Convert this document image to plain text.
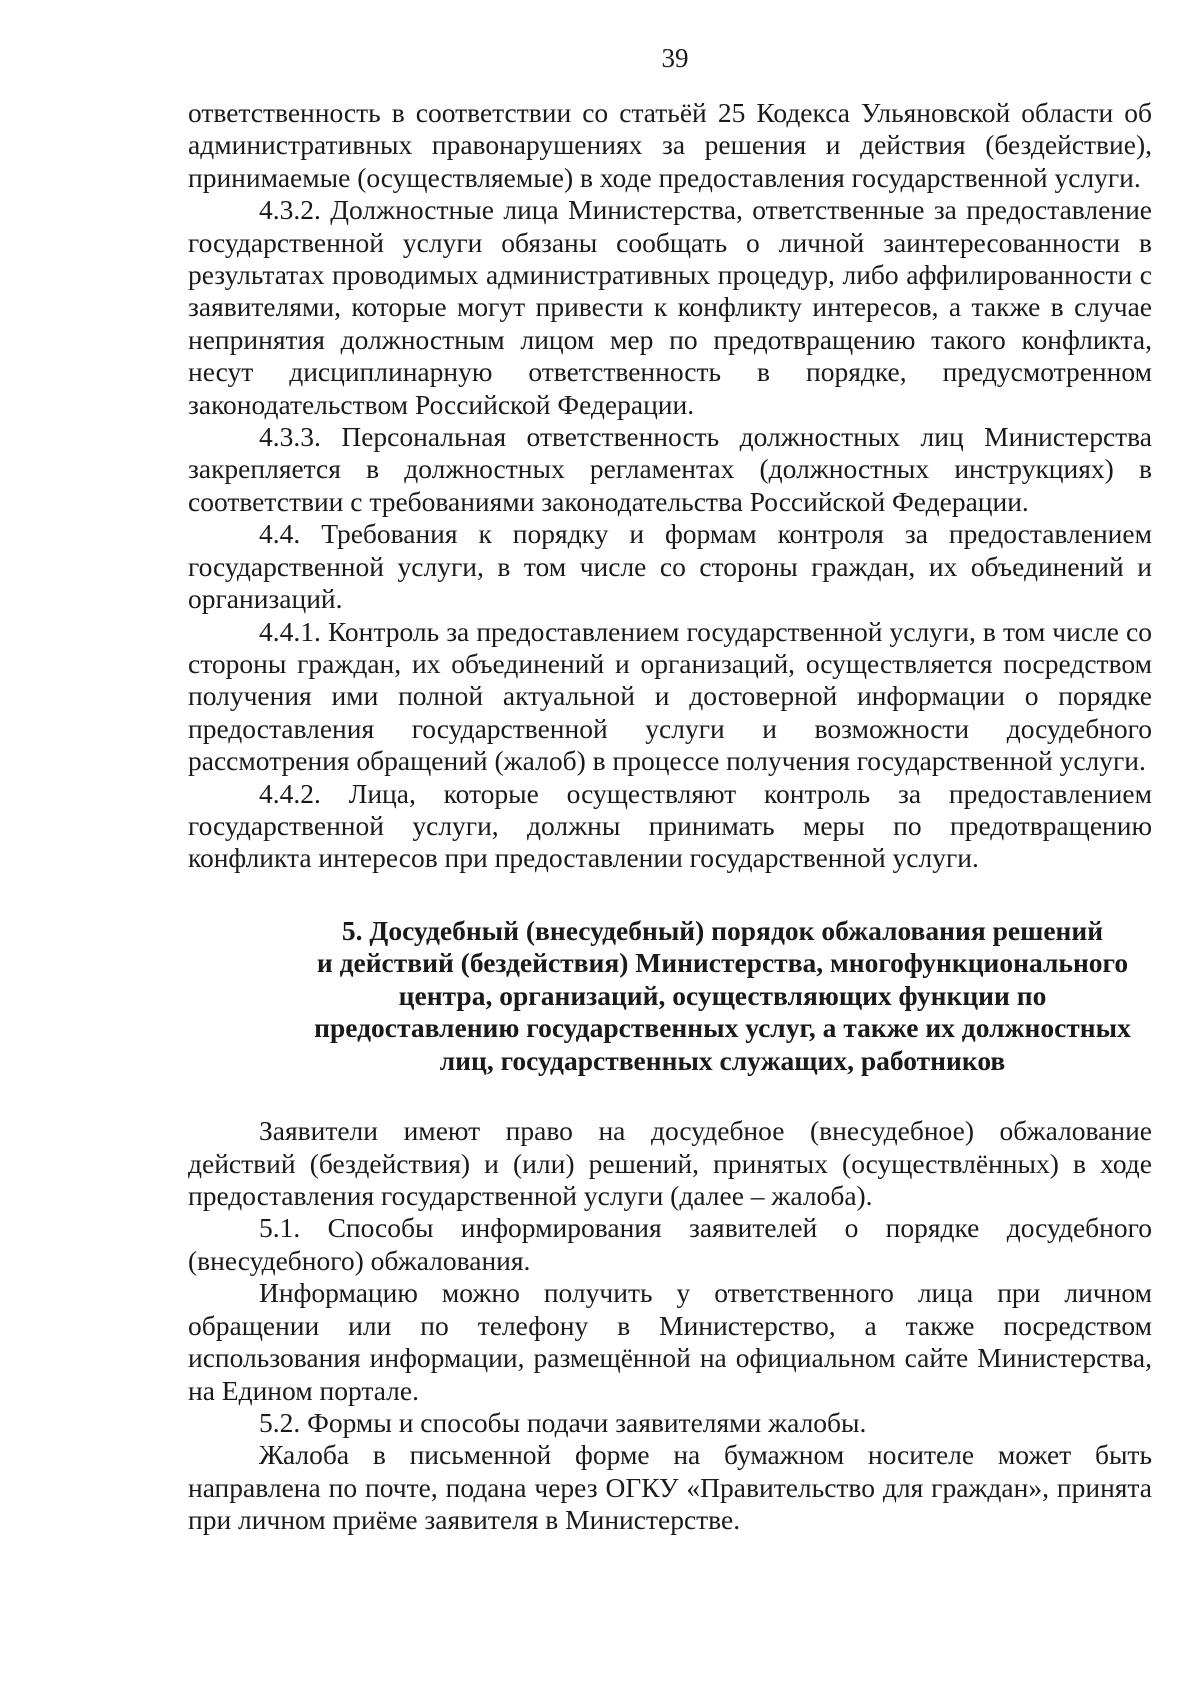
39

ответственность в соответствии со статьёй 25 Кодекса Ульяновской области об административных правонарушениях за решения и действия (бездействие), принимаемые (осуществляемые) в ходе предоставления государственной услуги.

4.3.2. Должностные лица Министерства, ответственные за предоставление государственной услуги обязаны сообщать о личной заинтересованности в результатах проводимых административных процедур, либо аффилированности с заявителями, которые могут привести к конфликту интересов, а также в случае непринятия должностным лицом мер по предотвращению такого конфликта, несут дисциплинарную ответственность в порядке, предусмотренном законодательством Российской Федерации.

4.3.3. Персональная ответственность должностных лиц Министерства закрепляется в должностных регламентах (должностных инструкциях) в соответствии с требованиями законодательства Российской Федерации.

4.4. Требования к порядку и формам контроля за предоставлением государственной услуги, в том числе со стороны граждан, их объединений и организаций.

4.4.1. Контроль за предоставлением государственной услуги, в том числе со стороны граждан, их объединений и организаций, осуществляется посредством получения ими полной актуальной и достоверной информации о порядке предоставления государственной услуги и возможности досудебного рассмотрения обращений (жалоб) в процессе получения государственной услуги.

4.4.2. Лица, которые осуществляют контроль за предоставлением государственной услуги, должны принимать меры по предотвращению конфликта интересов при предоставлении государственной услуги.

5. Досудебный (внесудебный) порядок обжалования решений
и действий (бездействия) Министерства, многофункционального
центра, организаций, осуществляющих функции по
предоставлению государственных услуг, а также их должностных
лиц, государственных служащих, работников

Заявители имеют право на досудебное (внесудебное) обжалование действий (бездействия) и (или) решений, принятых (осуществлённых) в ходе предоставления государственной услуги (далее – жалоба).

5.1. Способы информирования заявителей о порядке досудебного (внесудебного) обжалования.

Информацию можно получить у ответственного лица при личном обращении или по телефону в Министерство, а также посредством использования информации, размещённой на официальном сайте Министерства, на Едином портале.

5.2. Формы и способы подачи заявителями жалобы.

Жалоба в письменной форме на бумажном носителе может быть направлена по почте, подана через ОГКУ «Правительство для граждан», принята при личном приёме заявителя в Министерстве.
